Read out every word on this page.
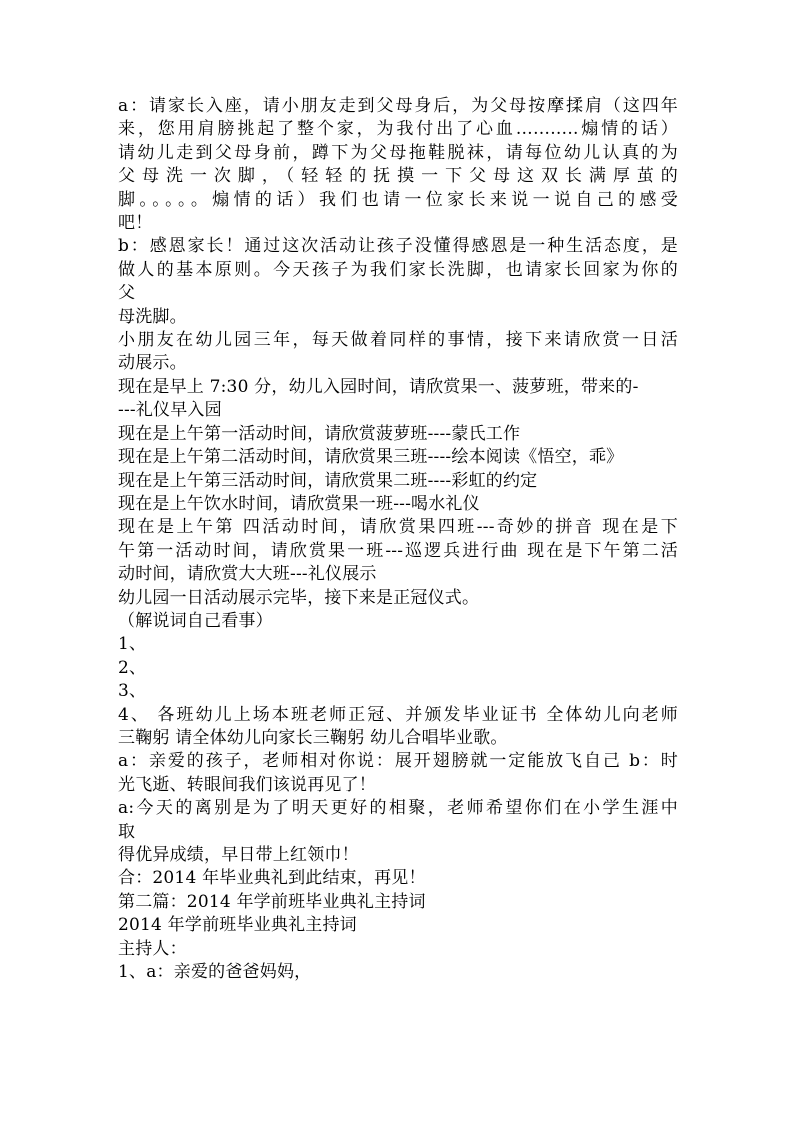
a：请家长入座，请小朋友走到父母身后，为父母按摩揉肩（这四年
来，您用肩膀挑起了整个家，为我付出了心血………..煽情的话）
请幼儿走到父母身前，蹲下为父母拖鞋脱袜，请每位幼儿认真的为
父母洗一次脚，（轻轻的抚摸一下父母这双长满厚茧的
脚。。。。。煽情的话）我们也请一位家长来说一说自己的感受
吧！
b：感恩家长！通过这次活动让孩子没懂得感恩是一种生活态度，是
做人的基本原则。今天孩子为我们家长洗脚，也请家长回家为你的
父
母洗脚。
小朋友在幼儿园三年，每天做着同样的事情，接下来请欣赏一日活
动展示。
现在是早上 7:30 分，幼儿入园时间，请欣赏果一、菠萝班，带来的-
---礼仪早入园
现在是上午第一活动时间，请欣赏菠萝班----蒙氏工作
现在是上午第二活动时间，请欣赏果三班----绘本阅读《悟空，乖》
现在是上午第三活动时间，请欣赏果二班----彩虹的约定
现在是上午饮水时间，请欣赏果一班---喝水礼仪
现在是上午第 四活动时间，请欣赏果四班---奇妙的拼音 现在是下
午第一活动时间，请欣赏果一班---巡逻兵进行曲 现在是下午第二活
动时间，请欣赏大大班---礼仪展示
幼儿园一日活动展示完毕，接下来是正冠仪式。
（解说词自己看事）
1、
2、
3、
4、 各班幼儿上场本班老师正冠、并颁发毕业证书 全体幼儿向老师
三鞠躬 请全体幼儿向家长三鞠躬 幼儿合唱毕业歌。
a：亲爱的孩子，老师相对你说：展开翅膀就一定能放飞自己 b：时
光飞逝、转眼间我们该说再见了！
a:今天的离别是为了明天更好的相聚，老师希望你们在小学生涯中
取
得优异成绩，早日带上红领巾！
合：2014 年毕业典礼到此结束，再见！
第二篇：2014 年学前班毕业典礼主持词
2014 年学前班毕业典礼主持词
主持人：
1、a：亲爱的爸爸妈妈，
